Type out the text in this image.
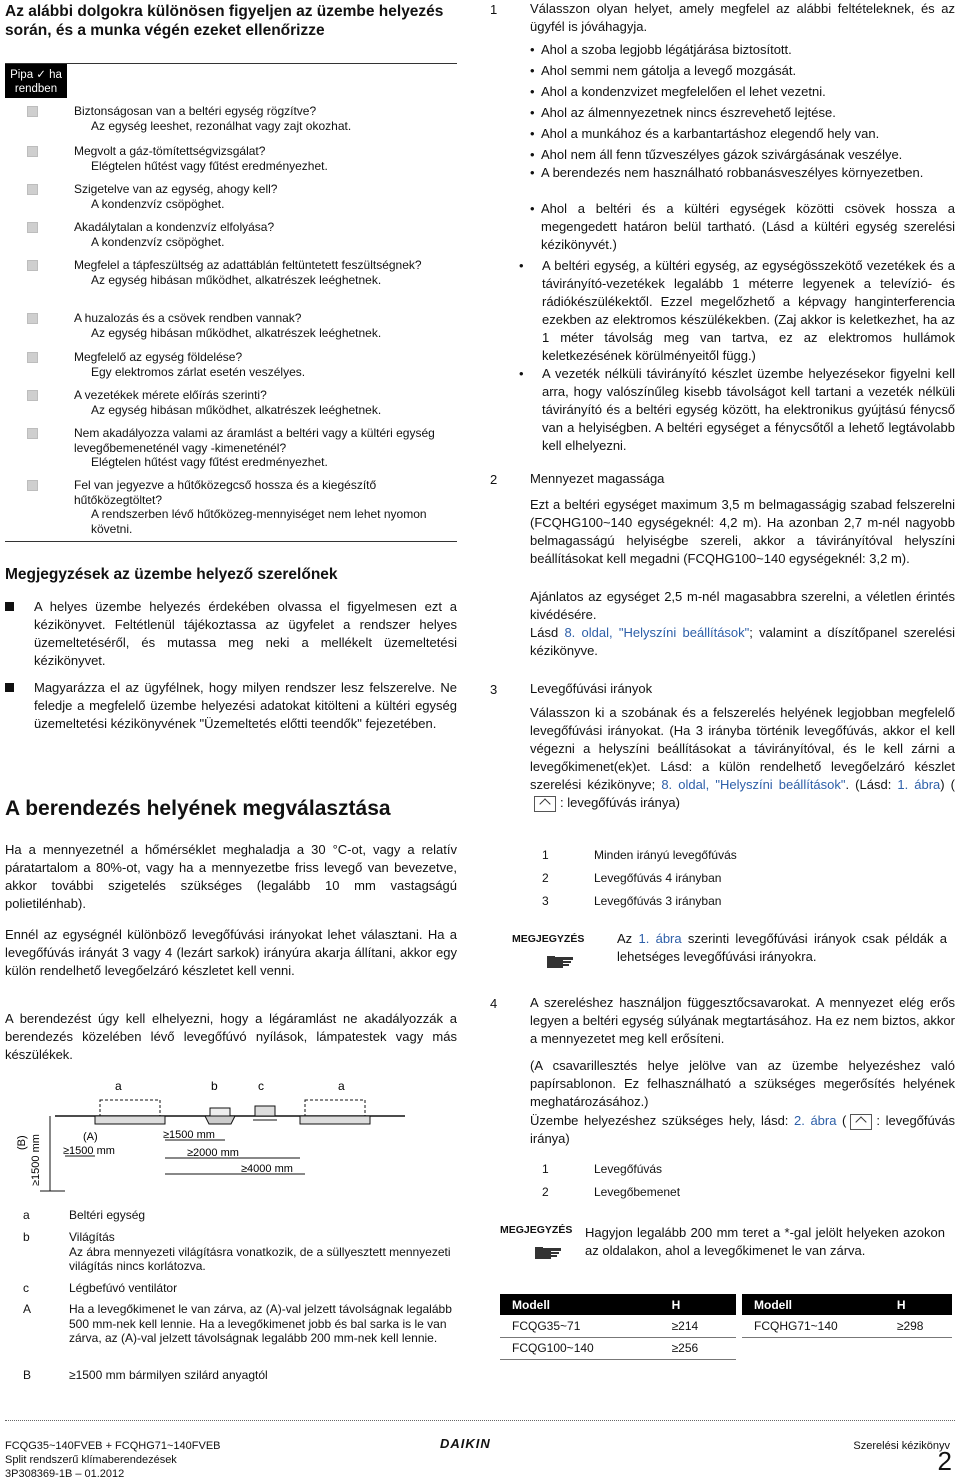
Az alábbi dolgokra különösen figyeljen az üzembe helyezés során, és a munka végén ezeket ellenőrizze
Pipa ✓ ha rendben
Biztonságosan van a beltéri egység rögzítve?
Az egység leeshet, rezonálhat vagy zajt okozhat.
Megvolt a gáz-tömítettségvizsgálat?
Elégtelen hűtést vagy fűtést eredményezhet.
Szigetelve van az egység, ahogy kell?
A kondenzvíz csöpöghet.
Akadálytalan a kondenzvíz elfolyása?
A kondenzvíz csöpöghet.
Megfelel a tápfeszültség az adattáblán feltüntetett feszültségnek?
Az egység hibásan működhet, alkatrészek leéghetnek.
A huzalozás és a csövek rendben vannak?
Az egység hibásan működhet, alkatrészek leéghetnek.
Megfelelő az egység földelése?
Egy elektromos zárlat esetén veszélyes.
A vezetékek mérete előírás szerinti?
Az egység hibásan működhet, alkatrészek leéghetnek.
Nem akadályozza valami az áramlást a beltéri vagy a kültéri egység levegőbemeneténél vagy -kimeneténél?
Elégtelen hűtést vagy fűtést eredményezhet.
Fel van jegyezve a hűtőközegcső hossza és a kiegészítő hűtőközegtöltet?
A rendszerben lévő hűtőközeg-mennyiséget nem lehet nyomon követni.
Megjegyzések az üzembe helyező szerelőnek
A helyes üzembe helyezés érdekében olvassa el figyelmesen ezt a kézikönyvet. Feltétlenül tájékoztassa az ügyfelet a rendszer helyes üzemeltetéséről, és mutassa meg neki a mellékelt üzemeltetési kézikönyvet.
Magyarázza el az ügyfélnek, hogy milyen rendszer lesz felszerelve. Ne feledje a megfelelő üzembe helyezési adatokat kitölteni a kültéri egység üzemeltetési kézikönyvének "Üzemeltetés előtti teendők" fejezetében.
A berendezés helyének megválasztása
Ha a mennyezetnél a hőmérséklet meghaladja a 30 °C-ot, vagy a relatív páratartalom a 80%-ot, vagy ha a mennyezetbe friss levegő van bevezetve, akkor további szigetelés szükséges (legalább 10 mm vastagságú polietilénhab).
Ennél az egységnél különböző levegőfúvási irányokat lehet választani. Ha a levegőfúvás irányát 3 vagy 4 (lezárt sarkok) irányúra akarja állítani, akkor egy külön rendelhető levegőelzáró készletet kell venni.
A berendezést úgy kell elhelyezni, hogy a légáramlást ne akadályozzák a berendezés közelében lévő levegőfúvó nyílások, lámpatestek vagy más készülékek.
a	b	c	a
(B) ≥1500 mm	(A)
≥1500 mm
≥1500 mm
≥2000 mm
≥4000 mm
a	Beltéri egység
b	Világítás
Az ábra mennyezeti világításra vonatkozik, de a süllyesztett mennyezeti világítás nincs korlátozva.
c	Légbefúvó ventilátor
A	Ha a levegőkimenet le van zárva, az (A)-val jelzett távolságnak legalább 500 mm-nek kell lennie. Ha a levegőkimenet jobb és bal sarka is le van zárva, az (A)-val jelzett távolságnak legalább 200 mm-nek kell lennie.
B	≥1500 mm bármilyen szilárd anyagtól
1	Válasszon olyan helyet, amely megfelel az alábbi feltételeknek, és az ügyfél is jóváhagyja.
• Ahol a szoba legjobb légátjárása biztosított.
• Ahol semmi nem gátolja a levegő mozgását.
• Ahol a kondenzvizet megfelelően el lehet vezetni.
• Ahol az álmennyezetnek nincs észrevehető lejtése.
• Ahol a munkához és a karbantartáshoz elegendő hely van.
• Ahol nem áll fenn tűzveszélyes gázok szivárgásának veszélye.
• A berendezés nem használható robbanásveszélyes környezetben.
• Ahol a beltéri és a kültéri egységek közötti csövek hossza a megengedett határon belül tartható. (Lásd a kültéri egység szerelési kézikönyvét.)
•	A beltéri egység, a kültéri egység, az egységösszekötő vezetékek és a távirányító-vezetékek legalább 1 méterre legyenek a televízió- és rádiókészülékektől. Ezzel megelőzhető a képvagy hanginterferencia ezekben az elektromos készülékekben. (Zaj akkor is keletkezhet, ha az 1 méter távolság meg van tartva, ez az elektromos hullámok keletkezésének körülményeitől függ.)
•	A vezeték nélküli távirányító készlet üzembe helyezésekor figyelni kell arra, hogy valószínűleg kisebb távolságot kell tartani a vezeték nélküli távirányító és a beltéri egység között, ha elektronikus gyújtású fénycső van a helyiségben. A beltéri egységet a fénycsőtől a lehető legtávolabb kell elhelyezni.
2	Mennyezet magassága
Ezt a beltéri egységet maximum 3,5 m belmagasságig szabad felszerelni (FCQHG100~140 egységeknél: 4,2 m). Ha azonban 2,7 m-nél nagyobb belmagasságú helyiségbe szereli, akkor a távirányítóval helyszíni beállításokat kell megadni (FCQHG100~140 egységeknél: 3,2 m).
Ajánlatos az egységet 2,5 m-nél magasabbra szerelni, a véletlen érintés kivédésére.
Lásd 8. oldal, "Helyszíni beállítások"; valamint a díszítőpanel szerelési kézikönyve.
3	Levegőfúvási irányok
Válasszon ki a szobának és a felszerelés helyének legjobban megfelelő levegőfúvási irányokat. (Ha 3 irányba történik levegőfúvás, akkor el kell végezni a helyszíni beállításokat a távirányítóval, és le kell zárni a levegőkimenet(ek)et. Lásd: a külön rendelhető levegőelzáró készlet szerelési kézikönyve; 8. oldal, "Helyszíni beállítások". (Lásd: 1. ábra) (: levegőfúvás iránya)
1	Minden irányú levegőfúvás
2	Levegőfúvás 4 irányban
3	Levegőfúvás 3 irányban
MEGJEGYZÉS	Az 1. ábra szerinti levegőfúvási irányok csak példák a lehetséges levegőfúvási irányokra.
4	A szereléshez használjon függesztőcsavarokat. A mennyezet elég erős legyen a beltéri egység súlyának megtartásához. Ha ez nem biztos, akkor a mennyezetet meg kell erősíteni.
(A csavarillesztés helye jelölve van az üzembe helyezéshez való papírsablonon. Ez felhasználható a szükséges megerősítés helyének meghatározásához.)
Üzembe helyezéshez szükséges hely, lásd: 2. ábra ( : levegőfúvás iránya)
1	Levegőfúvás
2	Levegőbemenet
MEGJEGYZÉS Hagyjon legalább 200 mm teret a *-gal jelölt helyeken azokon az oldalakon, ahol a levegőkimenet le van zárva.
Modell	H
FCQG35~71	≥214
FCQG100~140	≥256
Modell	H
FCQHG71~140	≥298
FCQG35~140FVEB + FCQHG71~140FVEB
Split rendszerű klímaberendezések
3P308369-1B – 01.2012
DAIKIN	Szerelési kézikönyv
2
